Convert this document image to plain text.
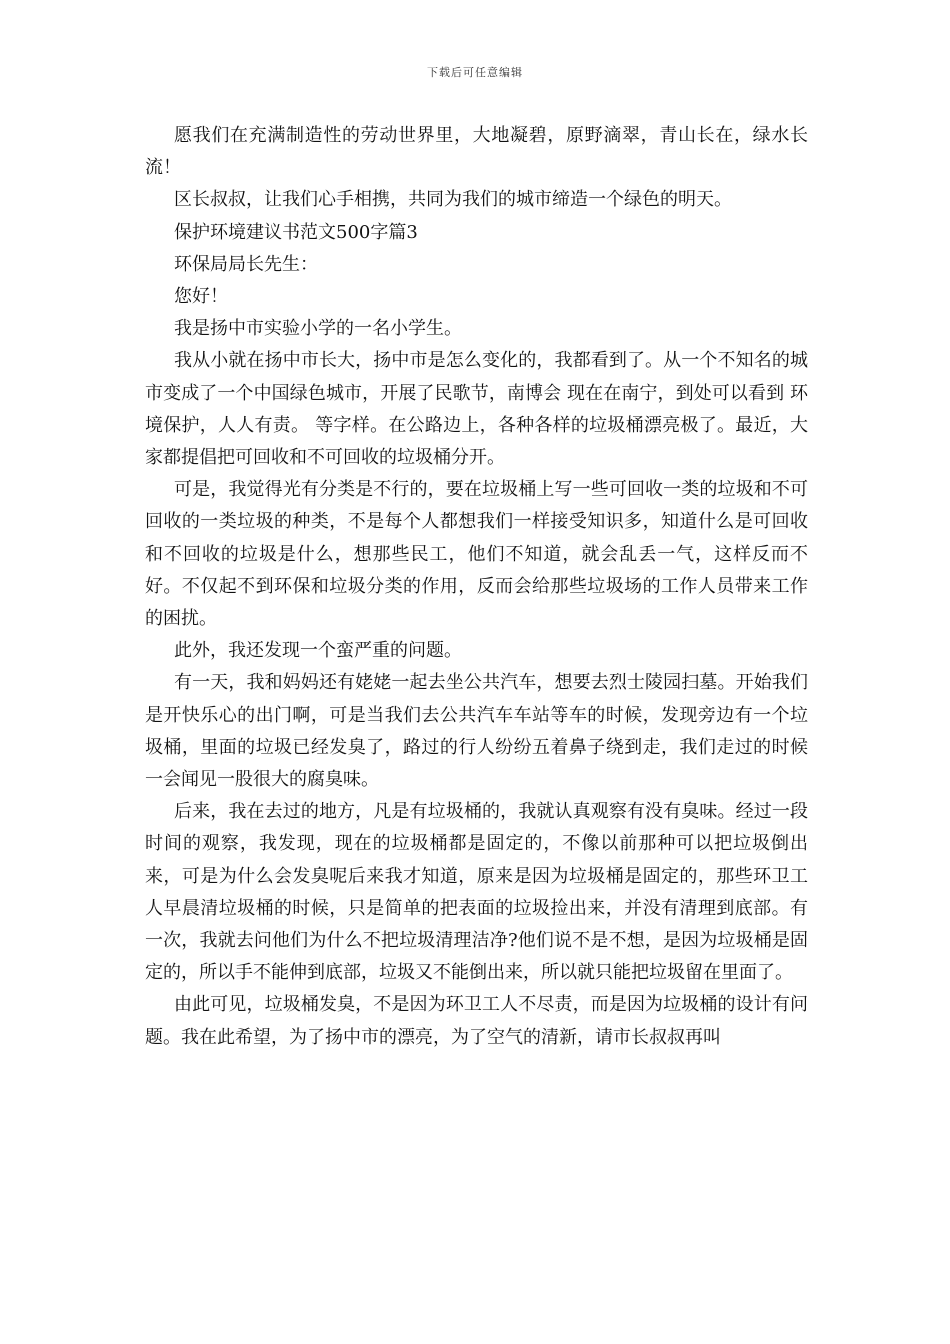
下载后可任意编辑

愿我们在充满制造性的劳动世界里，大地凝碧，原野滴翠，青山长在，绿水长流！

区长叔叔，让我们心手相携，共同为我们的城市缔造一个绿色的明天。

保护环境建议书范文500字篇3

环保局局长先生：

您好！

我是扬中市实验小学的一名小学生。

我从小就在扬中市长大，扬中市是怎么变化的，我都看到了。从一个不知名的城市变成了一个中国绿色城市，开展了民歌节，南博会 现在在南宁，到处可以看到 环境保护，人人有责。 等字样。在公路边上，各种各样的垃圾桶漂亮极了。最近，大家都提倡把可回收和不可回收的垃圾桶分开。

可是，我觉得光有分类是不行的，要在垃圾桶上写一些可回收一类的垃圾和不可回收的一类垃圾的种类，不是每个人都想我们一样接受知识多，知道什么是可回收和不回收的垃圾是什么，想那些民工，他们不知道，就会乱丢一气，这样反而不好。不仅起不到环保和垃圾分类的作用，反而会给那些垃圾场的工作人员带来工作的困扰。

此外，我还发现一个蛮严重的问题。

有一天，我和妈妈还有姥姥一起去坐公共汽车，想要去烈士陵园扫墓。开始我们是开快乐心的出门啊，可是当我们去公共汽车车站等车的时候，发现旁边有一个垃圾桶，里面的垃圾已经发臭了，路过的行人纷纷五着鼻子绕到走，我们走过的时候一会闻见一股很大的腐臭味。

后来，我在去过的地方，凡是有垃圾桶的，我就认真观察有没有臭味。经过一段时间的观察，我发现，现在的垃圾桶都是固定的，不像以前那种可以把垃圾倒出来，可是为什么会发臭呢后来我才知道，原来是因为垃圾桶是固定的，那些环卫工人早晨清垃圾桶的时候，只是简单的把表面的垃圾捡出来，并没有清理到底部。有一次，我就去问他们为什么不把垃圾清理洁净?他们说不是不想，是因为垃圾桶是固定的，所以手不能伸到底部，垃圾又不能倒出来，所以就只能把垃圾留在里面了。

由此可见，垃圾桶发臭，不是因为环卫工人不尽责，而是因为垃圾桶的设计有问题。我在此希望，为了扬中市的漂亮，为了空气的清新，请市长叔叔再叫
